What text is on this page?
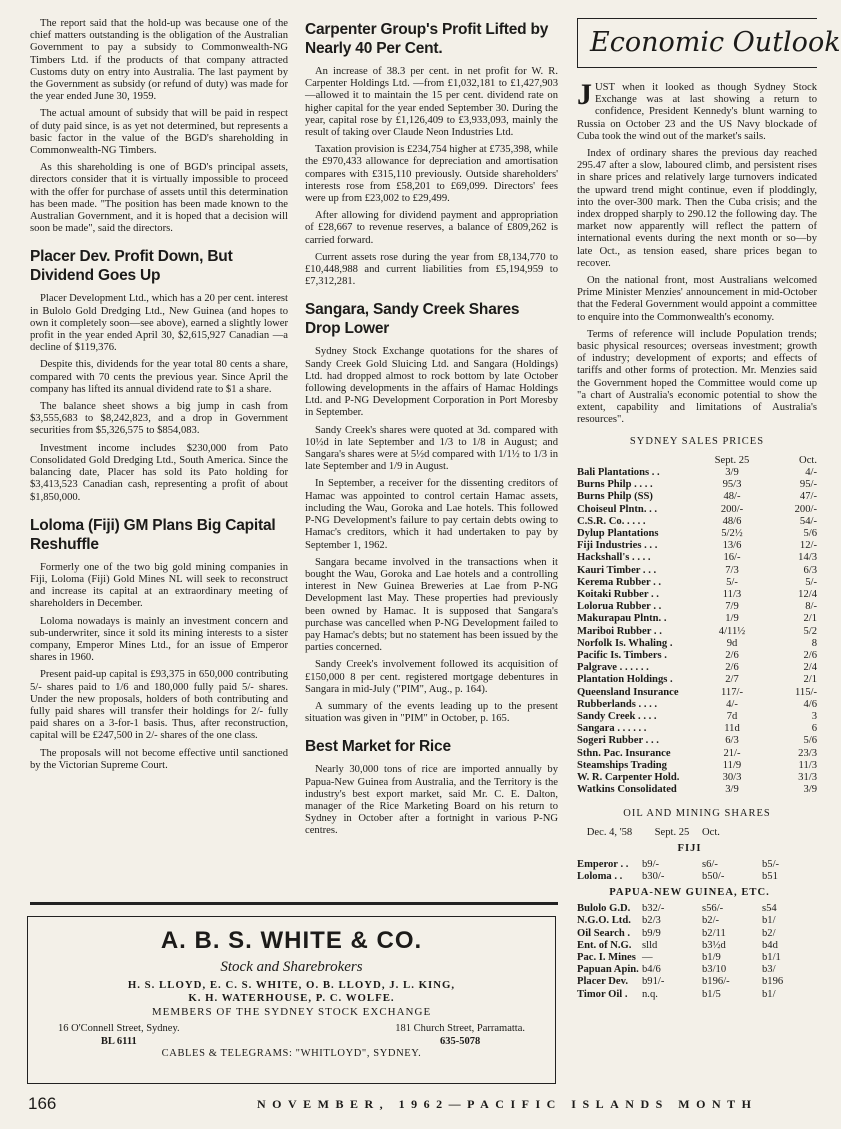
The report said that the hold-up was because one of the chief matters outstanding is the obligation of the Australian Government to pay a subsidy to Commonwealth-NG Timbers Ltd. if the products of that company attracted Customs duty on entry into Australia. The last payment by the Government as subsidy (or refund of duty) was made for the year ended June 30, 1959.

The actual amount of subsidy that will be paid in respect of duty paid since, is as yet not determined, but represents a basic factor in the value of the BGD's shareholding in Commonwealth-NG Timbers.

As this shareholding is one of BGD's principal assets, directors consider that it is virtually impossible to proceed with the offer for purchase of assets until this determination has been made. "The position has been made known to the Australian Government, and it is hoped that a decision will soon be made", said the directors.

Placer Dev. Profit Down, But Dividend Goes Up

Placer Development Ltd., which has a 20 per cent. interest in Bulolo Gold Dredging Ltd., New Guinea (and hopes to own it completely soon—see above), earned a slightly lower profit in the year ended April 30, $2,615,927 Canadian —a decline of $119,376.

Despite this, dividends for the year total 80 cents a share, compared with 70 cents the previous year. Since April the company has lifted its annual dividend rate to $1 a share.

The balance sheet shows a big jump in cash from $3,555,683 to $8,242,823, and a drop in Government securities from $5,326,575 to $854,083.

Investment income includes $230,000 from Pato Consolidated Gold Dredging Ltd., South America. Since the balancing date, Placer has sold its Pato holding for $3,413,523 Canadian cash, representing a profit of about $1,850,000.

Loloma (Fiji) GM Plans Big Capital Reshuffle

Formerly one of the two big gold mining companies in Fiji, Loloma (Fiji) Gold Mines NL will seek to reconstruct and increase its capital at an extraordinary meeting of shareholders in December.

Loloma nowadays is mainly an investment concern and sub-underwriter, since it sold its mining interests to a sister company, Emperor Mines Ltd., for an issue of Emperor shares in 1960.

Present paid-up capital is £93,375 in 650,000 contributing 5/- shares paid to 1/6 and 180,000 fully paid 5/- shares. Under the new proposals, holders of both contributing and fully paid shares will transfer their holdings for 2/- fully paid shares on a 3-for-1 basis. Thus, after reconstruction, capital will be £247,500 in 2/- shares of the one class.

The proposals will not become effective until sanctioned by the Victorian Supreme Court.

Carpenter Group's Profit Lifted by Nearly 40 Per Cent.

An increase of 38.3 per cent. in net profit for W. R. Carpenter Holdings Ltd. —from £1,032,181 to £1,427,903—allowed it to maintain the 15 per cent. dividend rate on higher capital for the year ended September 30. During the year, capital rose by £1,126,409 to £3,933,093, mainly the result of taking over Claude Neon Industries Ltd.

Taxation provision is £234,754 higher at £735,398, while the £970,433 allowance for depreciation and amortisation compares with £315,110 previously. Outside shareholders' interests rose from £58,201 to £69,099. Directors' fees were up from £23,002 to £29,499.

After allowing for dividend payment and appropriation of £28,667 to revenue reserves, a balance of £809,262 is carried forward.

Current assets rose during the year from £8,134,770 to £10,448,988 and current liabilities from £5,194,959 to £7,312,281.

Sangara, Sandy Creek Shares Drop Lower

Sydney Stock Exchange quotations for the shares of Sandy Creek Gold Sluicing Ltd. and Sangara (Holdings) Ltd. had dropped almost to rock bottom by late October following developments in the affairs of Hamac Holdings Ltd. and P-NG Development Corporation in Port Moresby in September.

Sandy Creek's shares were quoted at 3d. compared with 10½d in late September and 1/3 to 1/8 in August; and Sangara's shares were at 5½d compared with 1/1½ to 1/3 in late September and 1/9 in August.

In September, a receiver for the dissenting creditors of Hamac was appointed to control certain Hamac assets, including the Wau, Goroka and Lae hotels. This followed P-NG Development's failure to pay certain debts owing to Hamac's creditors, which it had undertaken to pay by September 1, 1962.

Sangara became involved in the transactions when it bought the Wau, Goroka and Lae hotels and a controlling interest in New Guinea Breweries at Lae from P-NG Development last May. These properties had previously been owned by Hamac. It is supposed that Sangara's purchase was cancelled when P-NG Development failed to pay Hamac's debts; but no statement has been issued by the parties concerned.

Sandy Creek's involvement followed its acquisition of £150,000 8 per cent. registered mortgage debentures in Sangara in mid-July ("PIM", Aug., p. 164).

A summary of the events leading up to the present situation was given in "PIM" in October, p. 165.

Best Market for Rice

Nearly 30,000 tons of rice are imported annually by Papua-New Guinea from Australia, and the Territory is the industry's best export market, said Mr. C. E. Dalton, manager of the Rice Marketing Board on his return to Sydney in October after a fortnight in various P-NG centres.

Economic Outlook

JUST when it looked as though Sydney Stock Exchange was at last showing a return to confidence, President Kennedy's blunt warning to Russia on October 23 and the US Navy blockade of Cuba took the wind out of the market's sails.

Index of ordinary shares the previous day reached 295.47 after a slow, laboured climb, and persistent rises in share prices and relatively large turnovers indicated the upward trend might continue, even if ploddingly, into the over-300 mark. Then the Cuba crisis; and the index dropped sharply to 290.12 the following day. The market now apparently will reflect the pattern of international events during the next month or so—by late Oct., as tension eased, share prices began to recover.

On the national front, most Australians welcomed Prime Minister Menzies' announcement in mid-October that the Federal Government would appoint a committee to enquire into the Commonwealth's economy.

Terms of reference will include Population trends; basic physical resources; overseas investment; growth of industry; development of exports; and effects of tariffs and other forms of protection. Mr. Menzies said the Government hoped the Committee would come up "a chart of Australia's economic potential to show the extent, capability and limitations of Australia's resources".

SYDNEY SALES PRICES
	Sept. 25	Oct.
Bali Plantations . .	3/9	4/-
Burns Philp . . . .	95/3	95/-
Burns Philp (SS)	48/-	47/-
Choiseul Plntn. . .	200/-	200/-
C.S.R. Co. . . . .	48/6	54/-
Dylup Plantations	5/2½	5/6
Fiji Industries . . .	13/6	12/-
Hackshall's . . . .	16/-	14/3
Kauri Timber . . .	7/3	6/3
Kerema Rubber . .	5/-	5/-
Koitaki Rubber . .	11/3	12/4
Lolorua Rubber . .	7/9	8/-
Makurapau Plntn. .	1/9	2/1
Mariboi Rubber . .	4/11½	5/2
Norfolk Is. Whaling .	9d	8
Pacific Is. Timbers .	2/6	2/6
Palgrave . . . . . .	2/6	2/4
Plantation Holdings .	2/7	2/1
Queensland Insurance	117/-	115/-
Rubberlands . . . .	4/-	4/6
Sandy Creek . . . .	7d	3
Sangara . . . . . .	11d	6
Sogeri Rubber . . .	6/3	5/6
Sthn. Pac. Insurance	21/-	23/3
Steamships Trading	11/9	11/3
W. R. Carpenter Hold.	30/3	31/3
Watkins Consolidated	3/9	3/9
OIL AND MINING SHARES
Dec. 4, '58	Sept. 25	Oct.	
FIJI			
Emperor . .	b9/-	s6/-	b5/-
Loloma . .	b30/-	b50/-	b51
PAPUA-NEW GUINEA, ETC.			
Bulolo G.D.	b32/-	s56/-	s54
N.G.O. Ltd.	b2/3	b2/-	b1/
Oil Search .	b9/9	b2/11	b2/
Ent. of N.G.	slld	b3½d	b4d
Pac. I. Mines	—	b1/9	b1/1
Papuan Apin.	b4/6	b3/10	b3/
Placer Dev.	b91/-	b196/-	b196
Timor Oil .	n.q.	b1/5	b1/
A. B. S. WHITE & CO.
Stock and Sharebrokers
H. S. LLOYD, E. C. S. WHITE, O. B. LLOYD, J. L. KING,
K. H. WATERHOUSE, P. C. WOLFE.
MEMBERS OF THE SYDNEY STOCK EXCHANGE
16 O'Connell Street, Sydney.
BL 6111
181 Church Street, Parramatta.
635-5078
CABLES & TELEGRAMS: "WHITLOYD", SYDNEY.
166	NOVEMBER, 1962—PACIFIC ISLANDS MONTH
